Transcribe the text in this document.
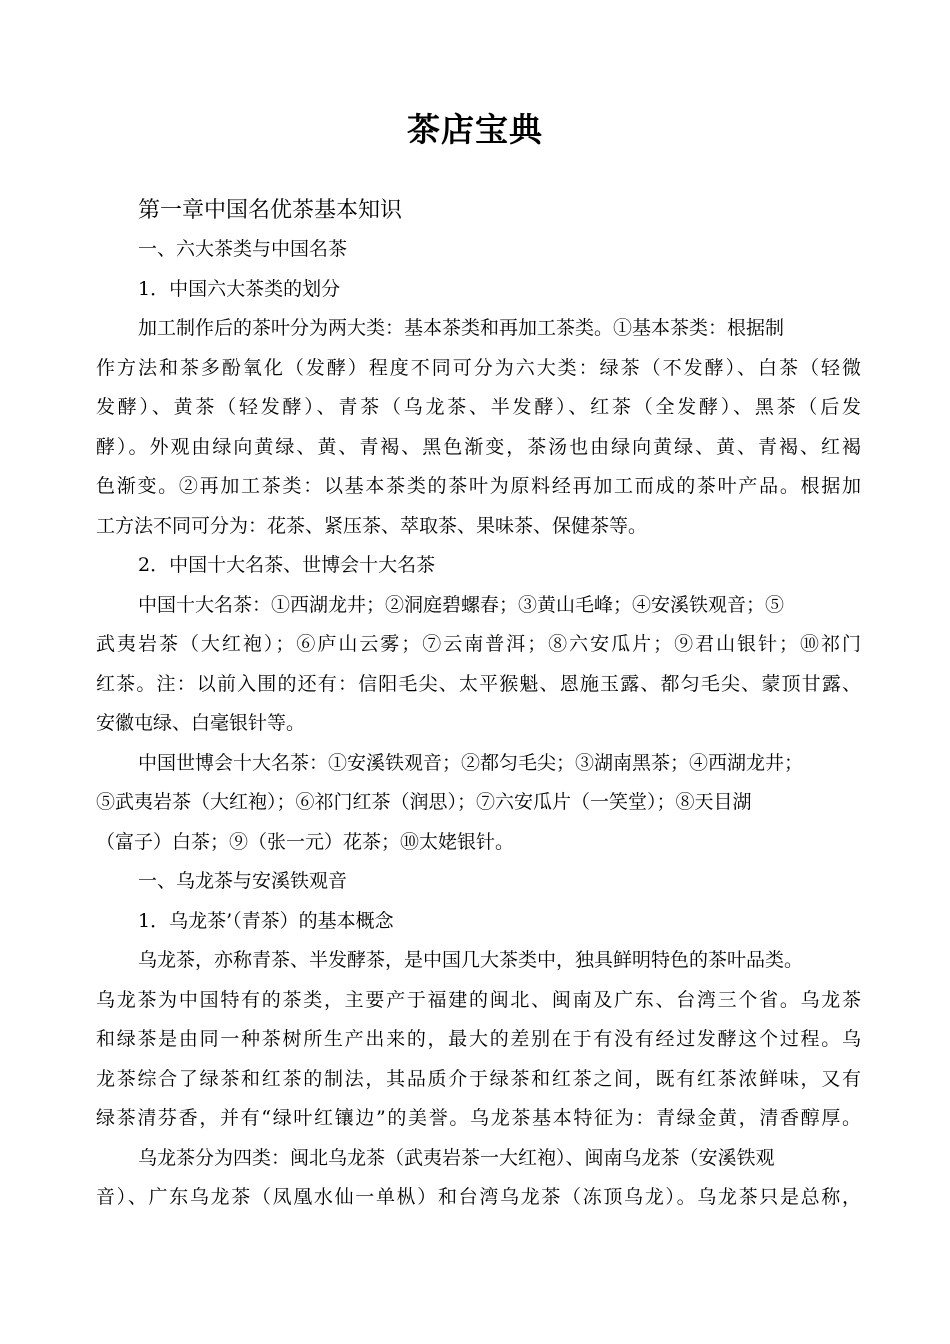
茶店宝典
第一章中国名优茶基本知识
一、六大茶类与中国名茶
1．中国六大茶类的划分
加工制作后的茶叶分为两大类：基本茶类和再加工茶类。①基本茶类：根据制
作方法和茶多酚氧化（发酵）程度不同可分为六大类：绿茶（不发酵）、白茶（轻微
发酵）、黄茶（轻发酵）、青茶（乌龙茶、半发酵）、红茶（全发酵）、黑茶（后发
酵）。外观由绿向黄绿、黄、青褐、黑色渐变，茶汤也由绿向黄绿、黄、青褐、红褐
色渐变。②再加工茶类：以基本茶类的茶叶为原料经再加工而成的茶叶产品。根据加
工方法不同可分为：花茶、紧压茶、萃取茶、果味茶、保健茶等。
2．中国十大名茶、世博会十大名茶
中国十大名茶：①西湖龙井；②洞庭碧螺春；③黄山毛峰；④安溪铁观音；⑤
武夷岩茶（大红袍）；⑥庐山云雾；⑦云南普洱；⑧六安瓜片；⑨君山银针；⑩祁门
红茶。注：以前入围的还有：信阳毛尖、太平猴魁、恩施玉露、都匀毛尖、蒙顶甘露、
安徽屯绿、白毫银针等。
中国世博会十大名茶：①安溪铁观音；②都匀毛尖；③湖南黑茶；④西湖龙井；
⑤武夷岩茶（大红袍）；⑥祁门红茶（润思）；⑦六安瓜片（一笑堂）；⑧天目湖
（富子）白茶；⑨（张一元）花茶；⑩太姥银针。
一、乌龙茶与安溪铁观音
1．乌龙茶’（青茶）的基本概念
乌龙茶，亦称青茶、半发酵茶，是中国几大茶类中，独具鲜明特色的茶叶品类。
乌龙茶为中国特有的茶类，主要产于福建的闽北、闽南及广东、台湾三个省。乌龙茶
和绿茶是由同一种茶树所生产出来的，最大的差别在于有没有经过发酵这个过程。乌
龙茶综合了绿茶和红茶的制法，其品质介于绿茶和红茶之间，既有红茶浓鲜味，又有
绿茶清芬香，并有“绿叶红镶边”的美誉。乌龙茶基本特征为：青绿金黄，清香醇厚。
乌龙茶分为四类：闽北乌龙茶（武夷岩茶一大红袍）、闽南乌龙茶（安溪铁观
音）、广东乌龙茶（凤凰水仙一单枞）和台湾乌龙茶（冻顶乌龙）。乌龙茶只是总称，
